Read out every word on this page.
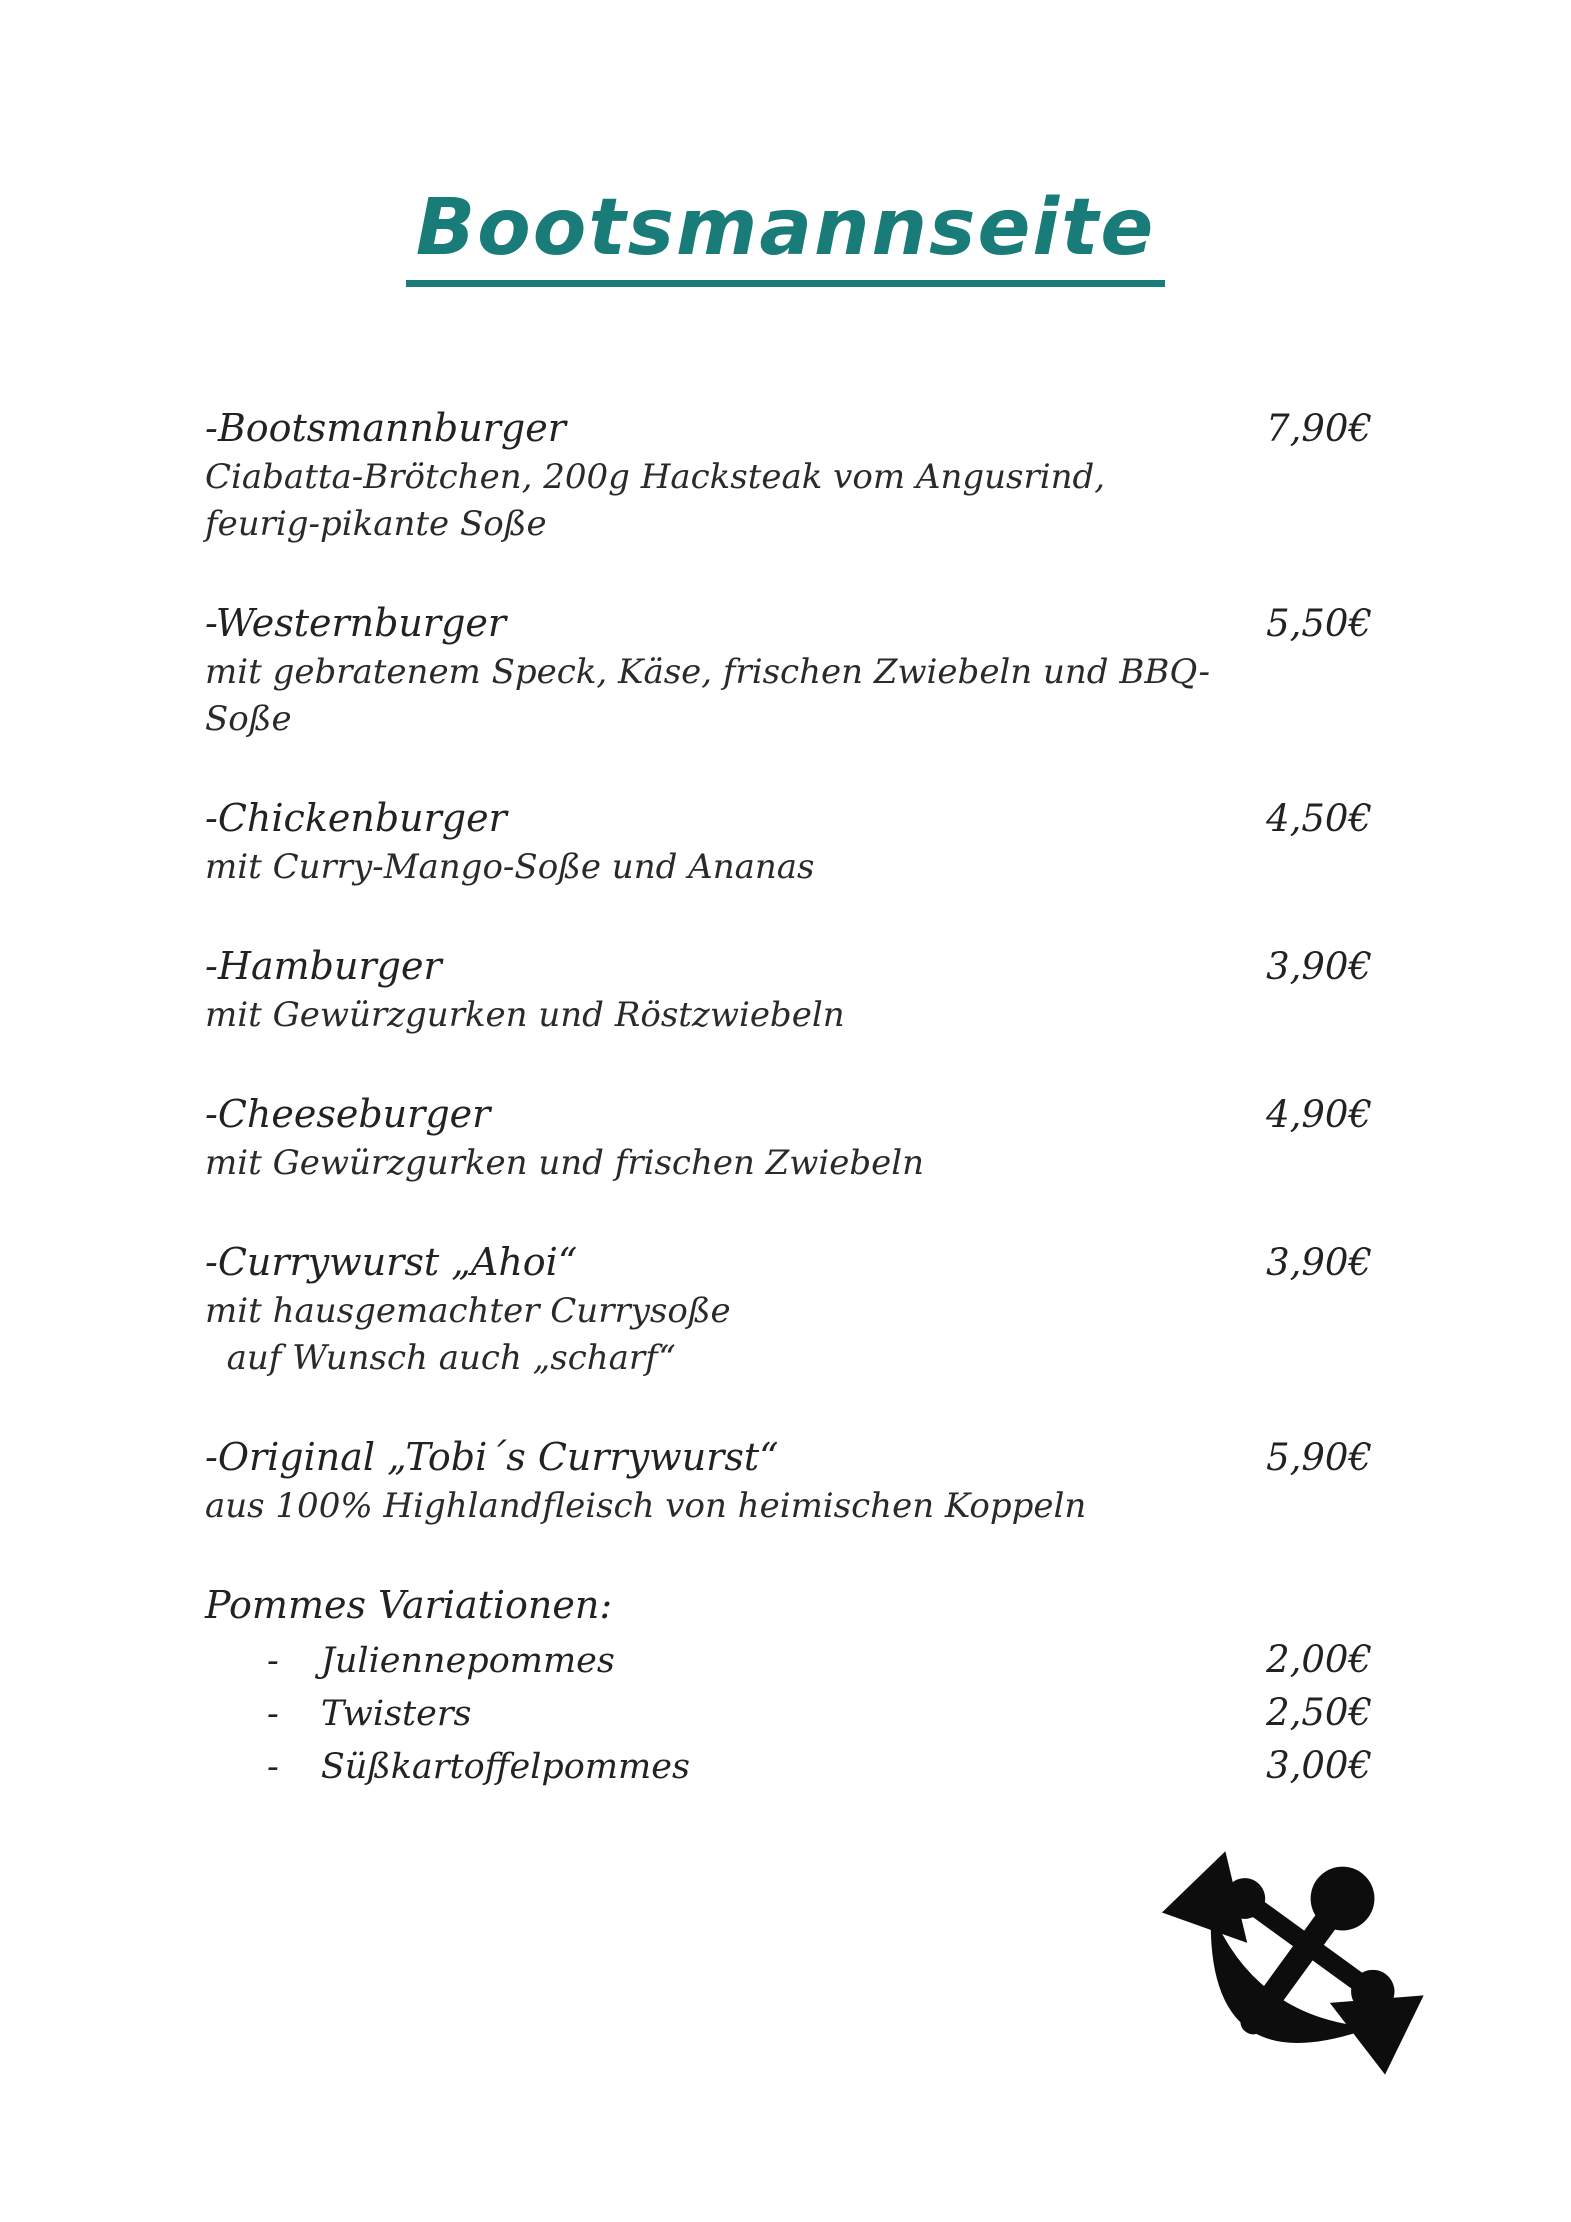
Bootsmannseite
-Bootsmannburger	7,90€
Ciabatta-Brötchen, 200g Hacksteak vom Angusrind,
feurig-pikante Soße
-Westernburger	5,50€
mit gebratenem Speck, Käse, frischen Zwiebeln und BBQ-
Soße
-Chickenburger	4,50€
mit Curry-Mango-Soße und Ananas
-Hamburger	3,90€
mit Gewürzgurken und Röstzwiebeln
-Cheeseburger	4,90€
mit Gewürzgurken und frischen Zwiebeln
-Currywurst „Ahoi“	3,90€
mit hausgemachter Currysoße
auf Wunsch auch „scharf“
-Original „Tobi´s Currywurst“	5,90€
aus 100% Highlandfleisch von heimischen Koppeln
Pommes Variationen:
- Juliennepommes	2,00€
- Twisters	2,50€
- Süßkartoffelpommes	3,00€
